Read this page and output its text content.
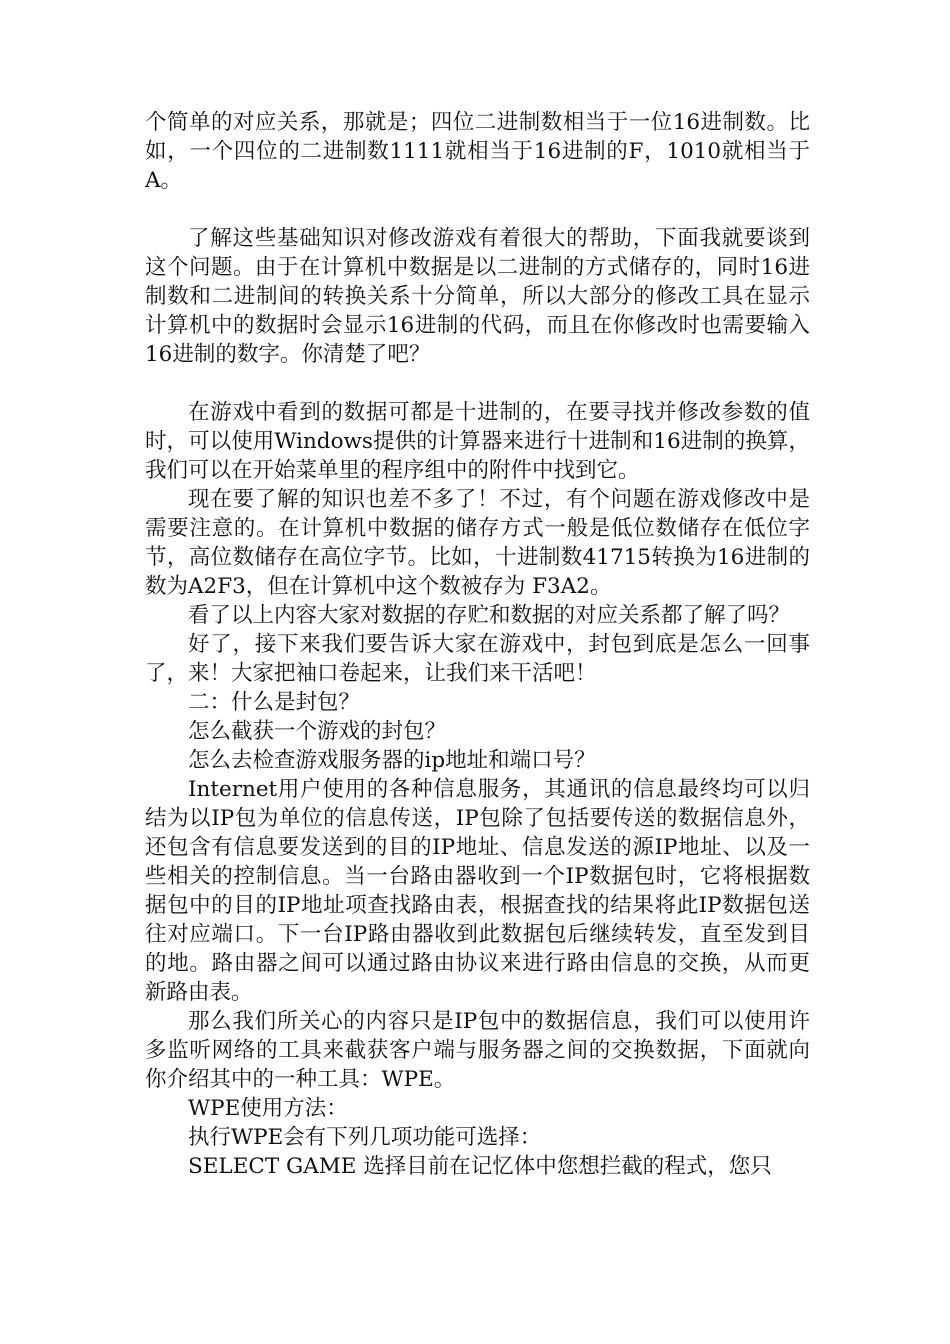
个简单的对应关系，那就是；四位二进制数相当于一位16进制数。比如，一个四位的二进制数1111就相当于16进制的F，1010就相当于A。

了解这些基础知识对修改游戏有着很大的帮助，下面我就要谈到这个问题。由于在计算机中数据是以二进制的方式储存的，同时16进制数和二进制间的转换关系十分简单，所以大部分的修改工具在显示计算机中的数据时会显示16进制的代码，而且在你修改时也需要输入16进制的数字。你清楚了吧？

在游戏中看到的数据可都是十进制的，在要寻找并修改参数的值时，可以使用Windows提供的计算器来进行十进制和16进制的换算，我们可以在开始菜单里的程序组中的附件中找到它。

现在要了解的知识也差不多了！不过，有个问题在游戏修改中是需要注意的。在计算机中数据的储存方式一般是低位数储存在低位字节，高位数储存在高位字节。比如，十进制数41715转换为16进制的数为A2F3，但在计算机中这个数被存为 F3A2。

看了以上内容大家对数据的存贮和数据的对应关系都了解了吗？

好了，接下来我们要告诉大家在游戏中，封包到底是怎么一回事了，来！大家把袖口卷起来，让我们来干活吧！

二：什么是封包？

怎么截获一个游戏的封包？

怎么去检查游戏服务器的ip地址和端口号？

Internet用户使用的各种信息服务，其通讯的信息最终均可以归结为以IP包为单位的信息传送，IP包除了包括要传送的数据信息外，还包含有信息要发送到的目的IP地址、信息发送的源IP地址、以及一些相关的控制信息。当一台路由器收到一个IP数据包时，它将根据数据包中的目的IP地址项查找路由表，根据查找的结果将此IP数据包送往对应端口。下一台IP路由器收到此数据包后继续转发，直至发到目的地。路由器之间可以通过路由协议来进行路由信息的交换，从而更新路由表。

那么我们所关心的内容只是IP包中的数据信息，我们可以使用许多监听网络的工具来截获客户端与服务器之间的交换数据，下面就向你介绍其中的一种工具：WPE。

WPE使用方法：

执行WPE会有下列几项功能可选择：

SELECT GAME 选择目前在记忆体中您想拦截的程式，您只
